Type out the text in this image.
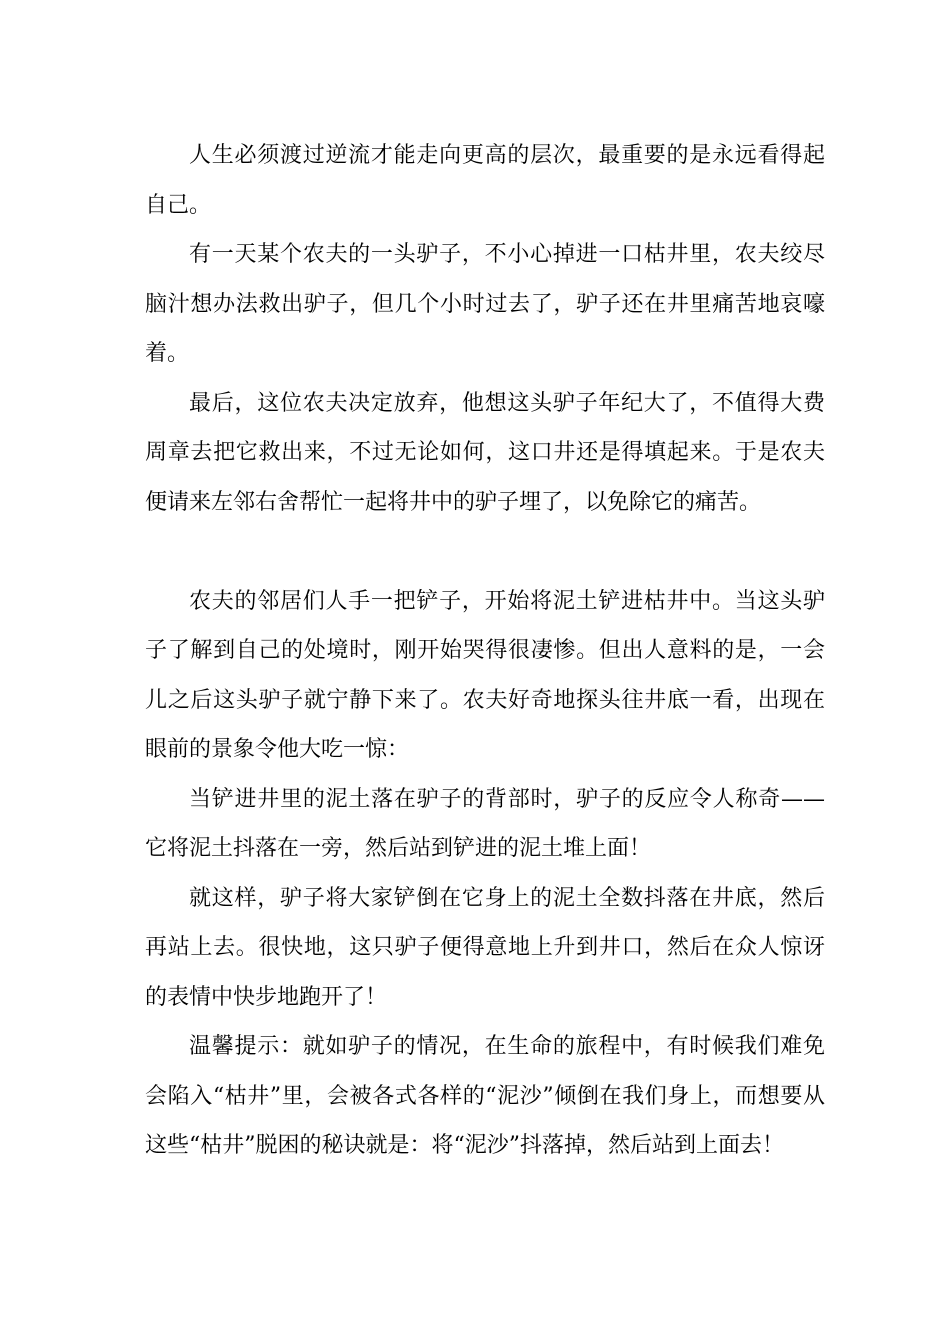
人生必须渡过逆流才能走向更高的层次，最重要的是永远看得起自己。

有一天某个农夫的一头驴子，不小心掉进一口枯井里，农夫绞尽脑汁想办法救出驴子，但几个小时过去了，驴子还在井里痛苦地哀嚎着。

最后，这位农夫决定放弃，他想这头驴子年纪大了，不值得大费周章去把它救出来，不过无论如何，这口井还是得填起来。于是农夫便请来左邻右舍帮忙一起将井中的驴子埋了，以免除它的痛苦。

农夫的邻居们人手一把铲子，开始将泥土铲进枯井中。当这头驴子了解到自己的处境时，刚开始哭得很凄惨。但出人意料的是，一会儿之后这头驴子就宁静下来了。农夫好奇地探头往井底一看，出现在眼前的景象令他大吃一惊：

当铲进井里的泥土落在驴子的背部时，驴子的反应令人称奇——它将泥土抖落在一旁，然后站到铲进的泥土堆上面！

就这样，驴子将大家铲倒在它身上的泥土全数抖落在井底，然后再站上去。很快地，这只驴子便得意地上升到井口，然后在众人惊讶的表情中快步地跑开了！

温馨提示：就如驴子的情况，在生命的旅程中，有时候我们难免会陷入“枯井”里，会被各式各样的“泥沙”倾倒在我们身上，而想要从这些“枯井”脱困的秘诀就是：将“泥沙”抖落掉，然后站到上面去！
